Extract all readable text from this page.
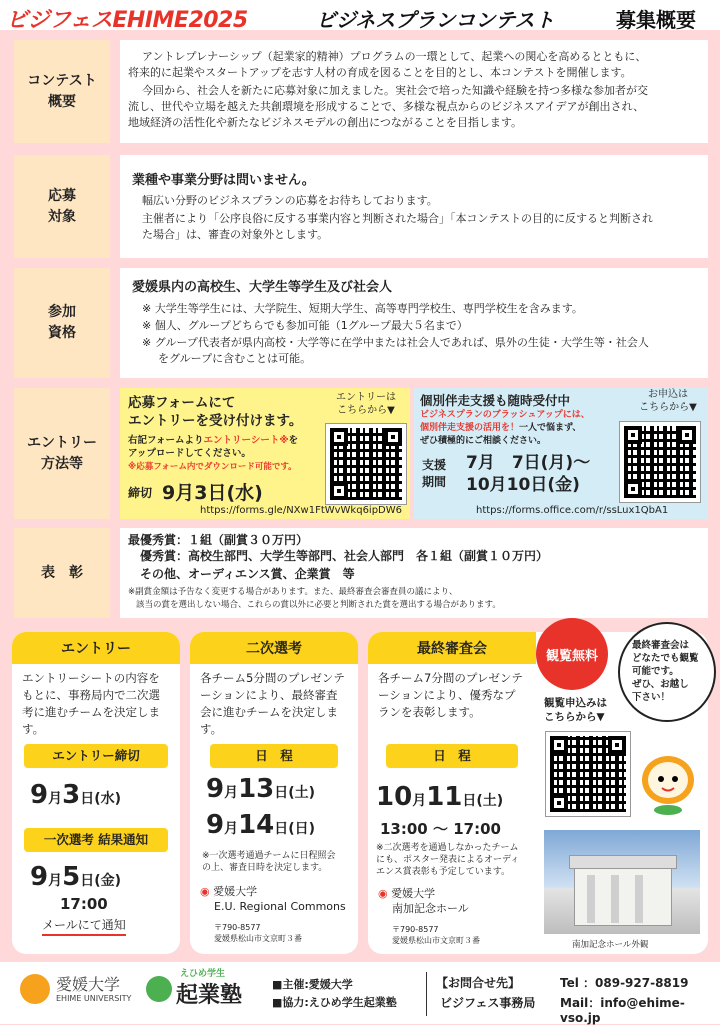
ビジフェスEHIME2025	ビジネスプランコンテスト	募集概要
コンテスト
概要
アントレプレナーシップ（起業家的精神）プログラムの一環として、起業への関心を高めるとともに、
将来的に起業やスタートアップを志す人材の育成を図ることを目的とし、本コンテストを開催します。
今回から、社会人を新たに応募対象に加えました。実社会で培った知識や経験を持つ多様な参加者が交
流し、世代や立場を越えた共創環境を形成することで、多様な視点からのビジネスアイデアが創出され、
地域経済の活性化や新たなビジネスモデルの創出につながることを目指します。
応募
対象
業種や事業分野は問いません。
幅広い分野のビジネスプランの応募をお待ちしております。
主催者により「公序良俗に反する事業内容と判断された場合」「本コンテストの目的に反すると判断され
た場合」は、審査の対象外とします。
参加
資格
愛媛県内の高校生、大学生等学生及び社会人
※ 大学生等学生には、大学院生、短期大学生、高等専門学校生、専門学校生を含みます。
※ 個人、グループどちらでも参加可能（1グループ最大５名まで）
※ グループ代表者が県内高校・大学等に在学中または社会人であれば、県外の生徒・大学生等・社会人
をグループに含むことは可能。
エントリー
方法等
応募フォームにて
エントリーを受け付けます。
右記フォームよりエントリーシート※を
アップロードしてください。
※応募フォーム内でダウンロード可能です。
締切 9月3日(水)
エントリーは
こちらから▼
https://forms.gle/NXw1FtWvWkq6ipDW6
個別伴走支援も随時受付中
ビジネスプランのブラッシュアップには、
個別伴走支援の活用を！一人で悩まず、
ぜひ積極的にご相談ください。
支援
期間
7月　7日(月)〜
10月10日(金)
お申込は
こちらから▼
https://forms.office.com/r/ssLux1QbA1
表　彰
最優秀賞：１組（副賞３０万円）
優秀賞：高校生部門、大学生等部門、社会人部門　各１組（副賞１０万円）
その他、オーディエンス賞、企業賞　等
※副賞金額は予告なく変更する場合があります。また、最終審査会審査員の議により、
該当の賞を選出しない場合、これらの賞以外に必要と判断された賞を選出する場合があります。
エントリー
エントリーシートの内容をもとに、事務局内で二次選考に進むチームを決定します。
エントリー締切
9月3日(水)
一次選考 結果通知
9月5日(金)
17:00
メールにて通知
二次選考
各チーム5分間のプレゼンテーションにより、最終審査会に進むチームを決定します。
日　程
9月13日(土)
9月14日(日)
※一次選考通過チームに日程照会
の上、審査日時を決定します。
◉ 愛媛大学
E.U. Regional Commons
〒790-8577
愛媛県松山市文京町３番
最終審査会
各チーム7分間のプレゼンテーションにより、優秀なプランを表彰します。
日　程
10月11日(土)
13:00 〜 17:00
※二次選考を通過しなかったチーム
にも、ポスター発表によるオーディ
エンス賞表彰も予定しています。
◉ 愛媛大学
南加記念ホール
〒790-8577
愛媛県松山市文京町３番
観覧申込みは
こちらから▼
南加記念ホール外観
観覧無料
最終審査会は
どなたでも観覧
可能です。
ぜひ、お越し
下さい！
愛媛大学
EHIME UNIVERSITY
えひめ学生
起業塾	■主催:愛媛大学
■協力:えひめ学生起業塾
【お問合せ先】
ビジフェス事務局
Tel ：089-927-8819
Mail：info@ehime-vso.jp
